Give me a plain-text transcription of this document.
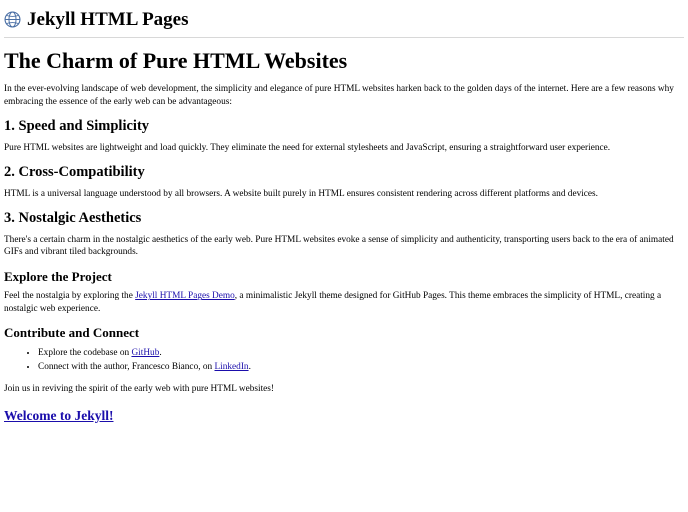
Jekyll HTML Pages
The Charm of Pure HTML Websites

In the ever-evolving landscape of web development, the simplicity and elegance of pure HTML websites harken back to the golden days of the internet. Here are a few reasons why embracing the essence of the early web can be advantageous:

1. Speed and Simplicity

Pure HTML websites are lightweight and load quickly. They eliminate the need for external stylesheets and JavaScript, ensuring a straightforward user experience.

2. Cross-Compatibility

HTML is a universal language understood by all browsers. A website built purely in HTML ensures consistent rendering across different platforms and devices.

3. Nostalgic Aesthetics

There's a certain charm in the nostalgic aesthetics of the early web. Pure HTML websites evoke a sense of simplicity and authenticity, transporting users back to the era of animated GIFs and vibrant tiled backgrounds.

Explore the Project

Feel the nostalgia by exploring the Jekyll HTML Pages Demo, a minimalistic Jekyll theme designed for GitHub Pages. This theme embraces the simplicity of HTML, creating a nostalgic web experience.

Contribute and Connect
• Explore the codebase on GitHub.
• Connect with the author, Francesco Bianco, on LinkedIn.

Join us in reviving the spirit of the early web with pure HTML websites!

Welcome to Jekyll!
